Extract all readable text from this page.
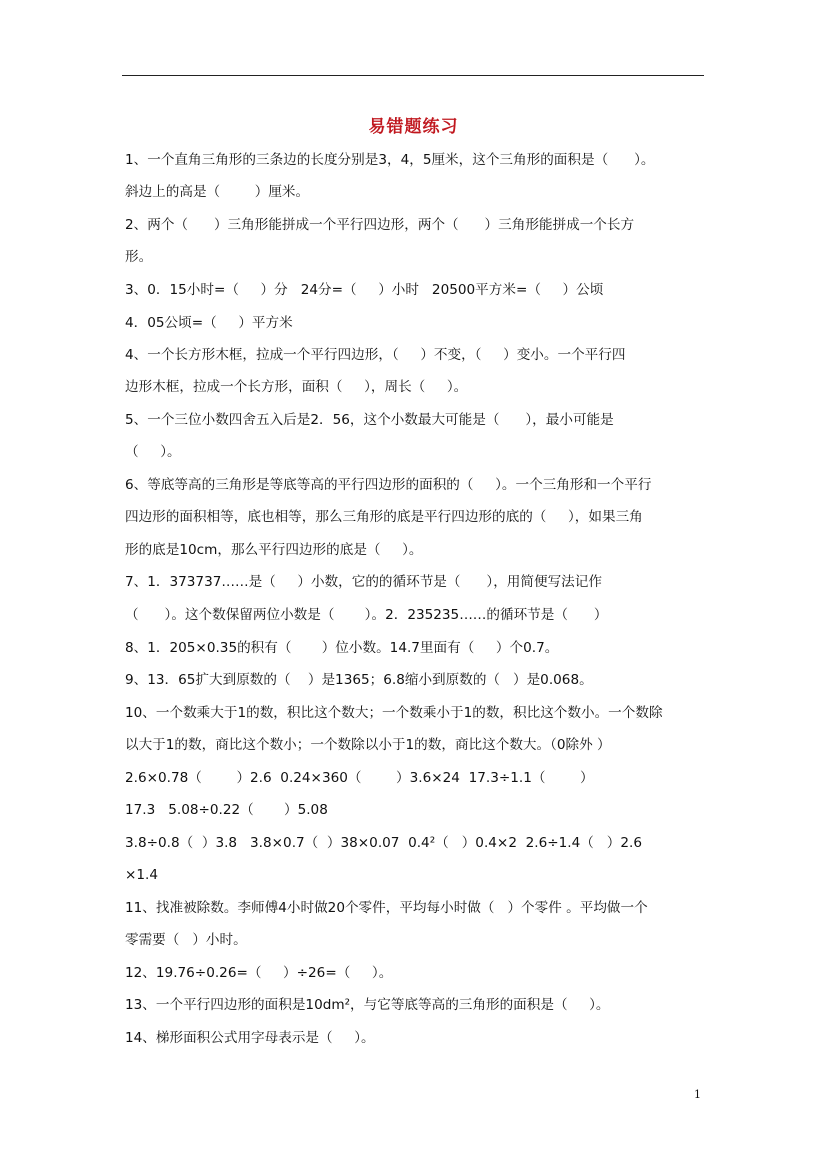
易错题练习
1、一个直角三角形的三条边的长度分别是3，4，5厘米，这个三角形的面积是（      ）。
斜边上的高是（        ）厘米。
2、两个（      ）三角形能拼成一个平行四边形，两个（      ）三角形能拼成一个长方
形。
3、0．15小时=（     ）分   24分=（     ）小时   20500平方米=（     ）公顷
4．05公顷=（     ）平方米
4、一个长方形木框，拉成一个平行四边形，（     ）不变，（     ）变小。一个平行四
边形木框，拉成一个长方形，面积（     ），周长（     ）。
5、一个三位小数四舍五入后是2．56，这个小数最大可能是（      ），最小可能是
（     ）。
6、等底等高的三角形是等底等高的平行四边形的面积的（     ）。一个三角形和一个平行
四边形的面积相等，底也相等，那么三角形的底是平行四边形的底的（     ），如果三角
形的底是10cm，那么平行四边形的底是（     ）。
7、1．373737……是（     ）小数，它的的循环节是（      ），用简便写法记作
（      ）。这个数保留两位小数是（       ）。2．235235……的循环节是（      ）
8、1．205×0.35的积有（       ）位小数。14.7里面有（     ）个0.7。
9、13．65扩大到原数的（    ）是1365；6.8缩小到原数的（   ）是0.068。
10、一个数乘大于1的数，积比这个数大；一个数乘小于1的数，积比这个数小。一个数除
以大于1的数，商比这个数小；一个数除以小于1的数，商比这个数大。（0除外 ）
2.6×0.78（        ）2.6  0.24×360（        ）3.6×24  17.3÷1.1（        ）
17.3   5.08÷0.22（       ）5.08
3.8÷0.8（  ）3.8   3.8×0.7（  ）38×0.07  0.4²（   ）0.4×2  2.6÷1.4（   ）2.6
×1.4
11、找准被除数。李师傅4小时做20个零件，平均每小时做（   ）个零件 。平均做一个
零需要（   ）小时。
12、19.76÷0.26=（     ）÷26=（     ）。
13、一个平行四边形的面积是10dm²，与它等底等高的三角形的面积是（     ）。
14、梯形面积公式用字母表示是（     ）。
1
